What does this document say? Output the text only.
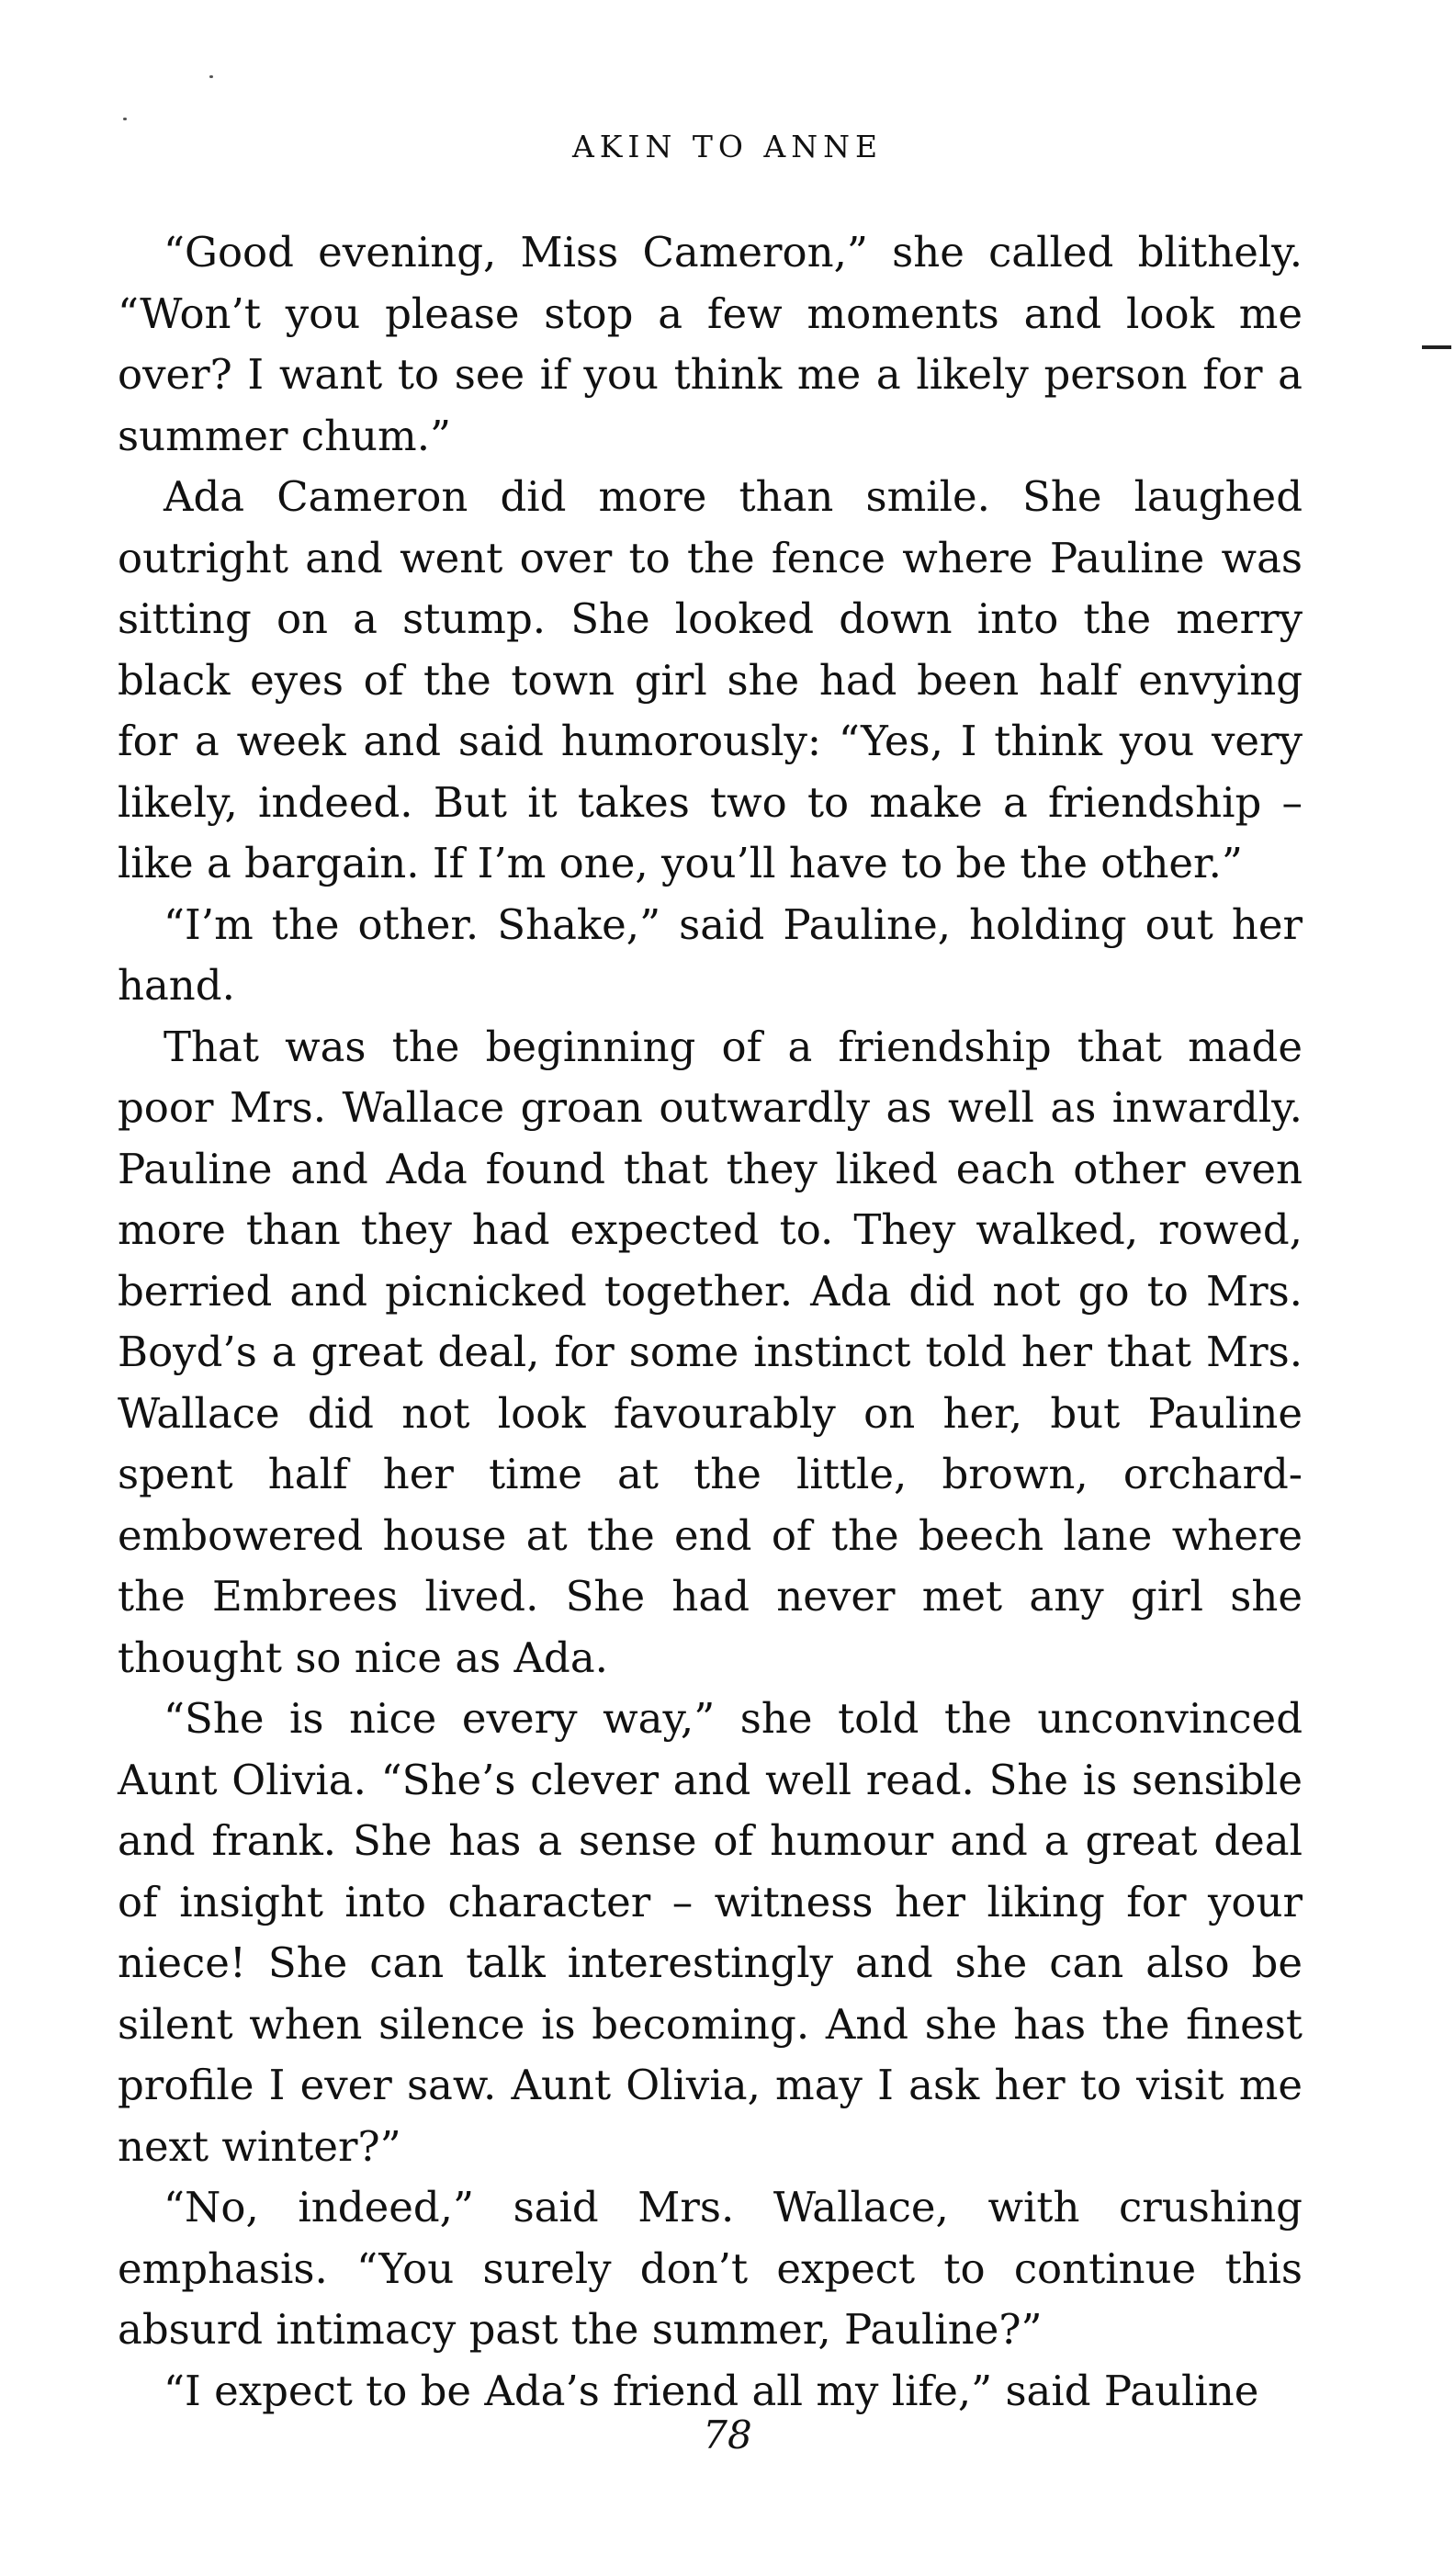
AKIN TO ANNE

“Good evening, Miss Cameron,” she called blithely. “Won’t you please stop a few moments and look me over? I want to see if you think me a likely person for a summer chum.”

Ada Cameron did more than smile. She laughed outright and went over to the fence where Pauline was sitting on a stump. She looked down into the merry black eyes of the town girl she had been half envying for a week and said humorously: “Yes, I think you very likely, indeed. But it takes two to make a friendship – like a bargain. If I’m one, you’ll have to be the other.”

“I’m the other. Shake,” said Pauline, holding out her hand.

That was the beginning of a friendship that made poor Mrs. Wallace groan outwardly as well as inwardly. Pauline and Ada found that they liked each other even more than they had expected to. They walked, rowed, berried and picnicked together. Ada did not go to Mrs. Boyd’s a great deal, for some instinct told her that Mrs. Wallace did not look favourably on her, but Pauline spent half her time at the little, brown, orchard-embowered house at the end of the beech lane where the Embrees lived. She had never met any girl she thought so nice as Ada.

“She is nice every way,” she told the unconvinced Aunt Olivia. “She’s clever and well read. She is sensible and frank. She has a sense of humour and a great deal of insight into character – witness her liking for your niece! She can talk interestingly and she can also be silent when silence is becoming. And she has the finest profile I ever saw. Aunt Olivia, may I ask her to visit me next winter?”

“No, indeed,” said Mrs. Wallace, with crushing emphasis. “You surely don’t expect to continue this absurd intimacy past the summer, Pauline?”

“I expect to be Ada’s friend all my life,” said Pauline

78
